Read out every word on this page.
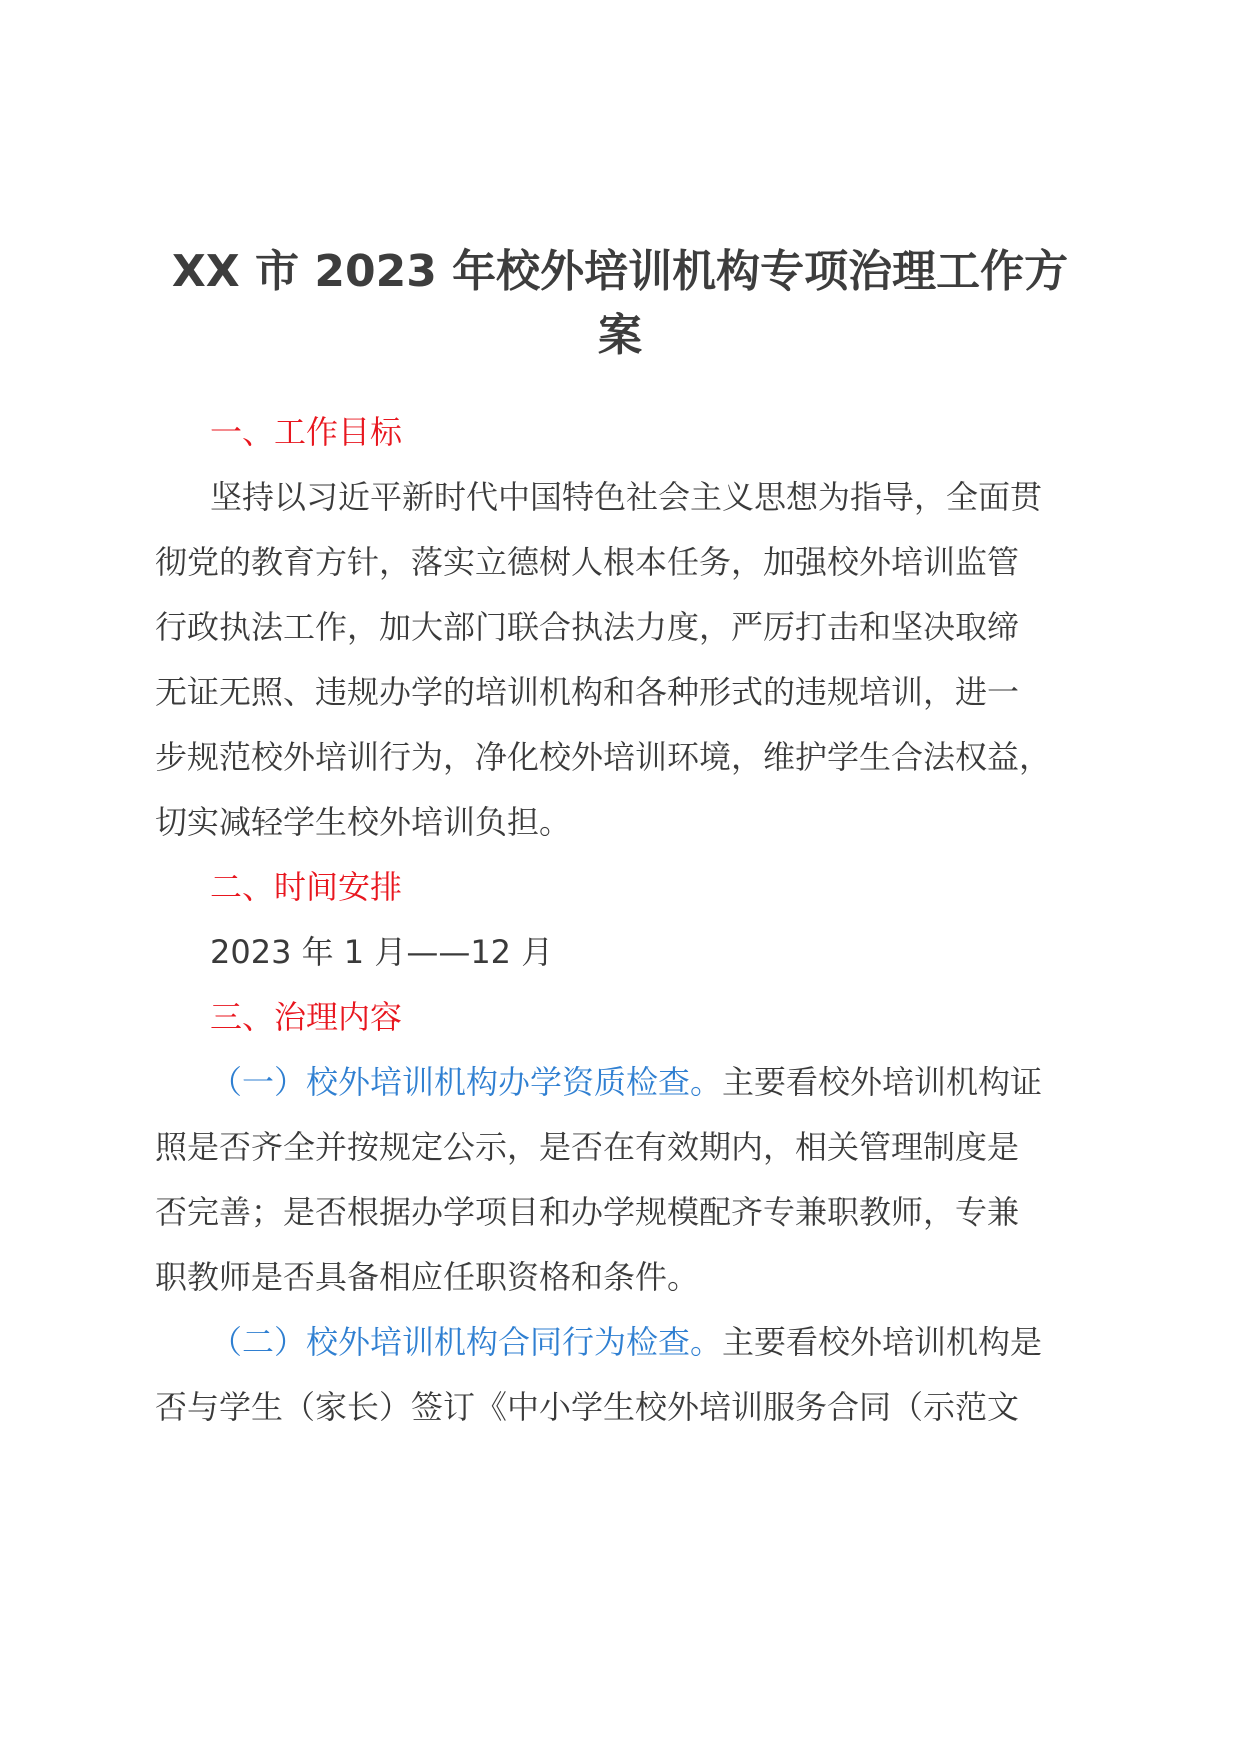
XX 市 2023 年校外培训机构专项治理工作方
案
一、工作目标
坚持以习近平新时代中国特色社会主义思想为指导，全面贯
彻党的教育方针，落实立德树人根本任务，加强校外培训监管
行政执法工作，加大部门联合执法力度，严厉打击和坚决取缔
无证无照、违规办学的培训机构和各种形式的违规培训，进一
步规范校外培训行为，净化校外培训环境，维护学生合法权益，
切实减轻学生校外培训负担。
二、时间安排
2023 年 1 月——12 月
三、治理内容
（一）校外培训机构办学资质检查。主要看校外培训机构证
照是否齐全并按规定公示，是否在有效期内，相关管理制度是
否完善；是否根据办学项目和办学规模配齐专兼职教师，专兼
职教师是否具备相应任职资格和条件。
（二）校外培训机构合同行为检查。主要看校外培训机构是
否与学生（家长）签订《中小学生校外培训服务合同（示范文
